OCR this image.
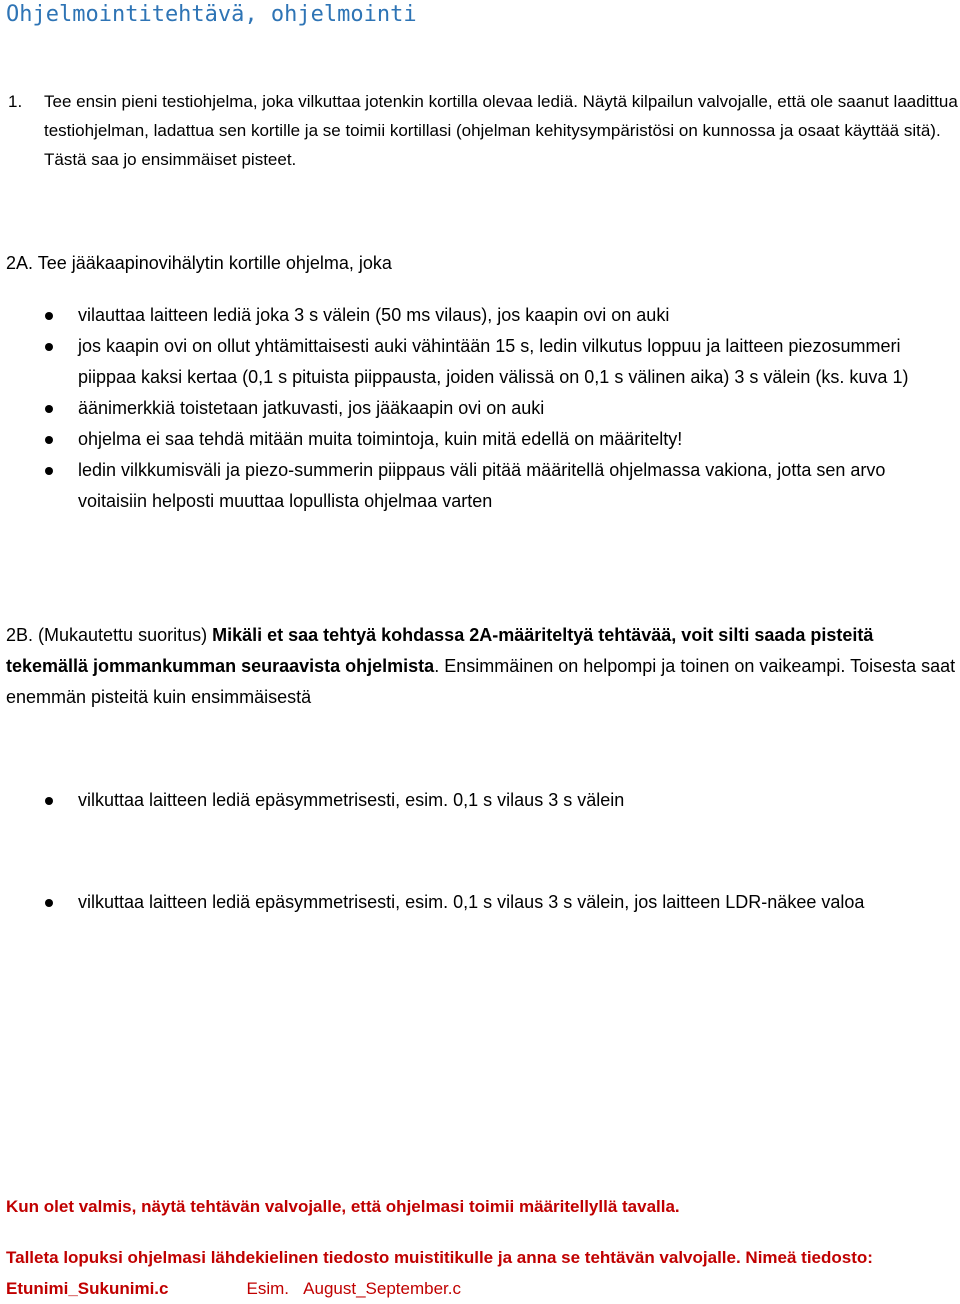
Ohjelmointitehtävä, ohjelmointi
1.	Tee ensin pieni testiohjelma, joka vilkuttaa jotenkin kortilla olevaa lediä. Näytä kilpailun valvojalle, että ole saanut laadittua testiohjelman, ladattua sen kortille ja se toimii kortillasi (ohjelman kehitysympäristösi on kunnossa ja osaat käyttää sitä). Tästä saa jo ensimmäiset pisteet.
2A. Tee jääkaapinovihälytin kortille ohjelma, joka
vilauttaa laitteen lediä joka 3 s välein (50 ms vilaus), jos kaapin ovi on auki
jos kaapin ovi on ollut yhtämittaisesti auki vähintään 15 s, ledin vilkutus loppuu ja laitteen piezosummeri piippaa kaksi kertaa (0,1 s pituista piippausta, joiden välissä on 0,1 s välinen aika) 3 s välein (ks. kuva 1)
äänimerkkiä toistetaan jatkuvasti, jos jääkaapin ovi on auki
ohjelma ei saa tehdä mitään muita toimintoja, kuin mitä edellä on määritelty!
ledin vilkkumisväli ja piezo-summerin piippaus väli pitää määritellä ohjelmassa vakiona, jotta sen arvo voitaisiin helposti muuttaa lopullista ohjelmaa varten
2B. (Mukautettu suoritus) Mikäli et saa tehtyä kohdassa 2A-määriteltyä tehtävää, voit silti saada pisteitä tekemällä jommankumman seuraavista ohjelmista. Ensimmäinen on helpompi ja toinen on vaikeampi. Toisesta saat enemmän pisteitä kuin ensimmäisestä
vilkuttaa laitteen lediä epäsymmetrisesti, esim. 0,1 s vilaus 3 s välein
vilkuttaa laitteen lediä epäsymmetrisesti, esim. 0,1 s vilaus 3 s välein, jos laitteen LDR-näkee valoa
Kun olet valmis, näytä tehtävän valvojalle, että ohjelmasi toimii määritellyllä tavalla.
Talleta lopuksi ohjelmasi lähdekielinen tiedosto muistitikulle ja anna se tehtävän valvojalle. Nimeä tiedosto:Etunimi_Sukunimi.c	Esim. August_September.c
